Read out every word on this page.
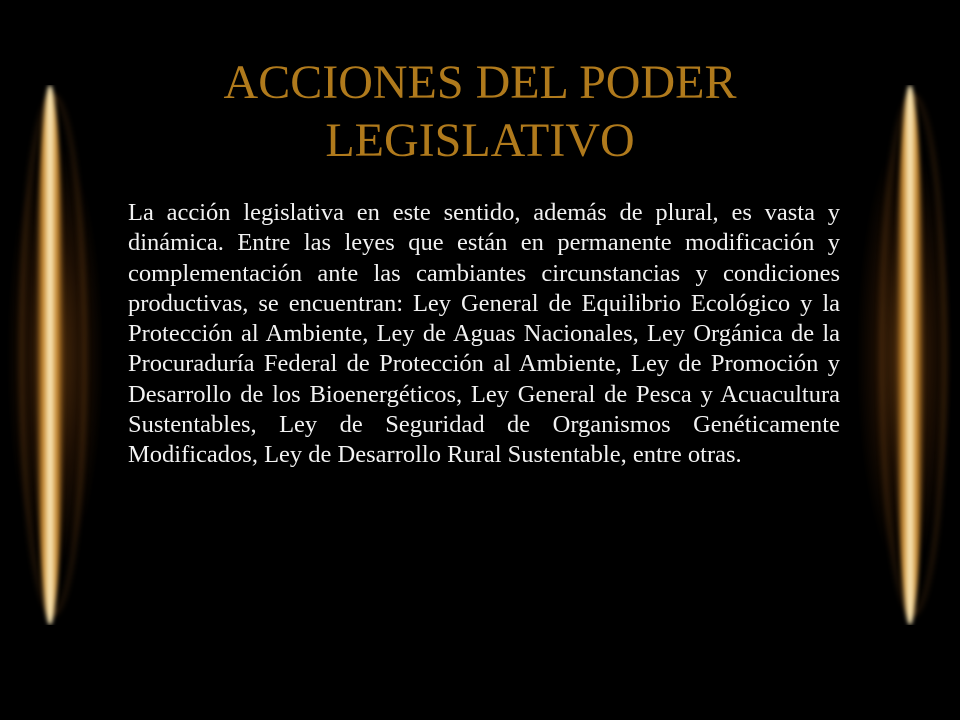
ACCIONES DEL PODER
LEGISLATIVO

La acción legislativa en este sentido, además de plural, es vasta y dinámica. Entre las leyes que están en permanente modificación y complementación ante las cambiantes circunstancias y condiciones productivas, se encuentran: Ley General de Equilibrio Ecológico y la Protección al Ambiente, Ley de Aguas Nacionales, Ley Orgánica de la Procuraduría Federal de Protección al Ambiente, Ley de Promoción y Desarrollo de los Bioenergéticos, Ley General de Pesca y Acuacultura Sustentables, Ley de Seguridad de Organismos Genéticamente Modificados, Ley de Desarrollo Rural Sustentable, entre otras.
